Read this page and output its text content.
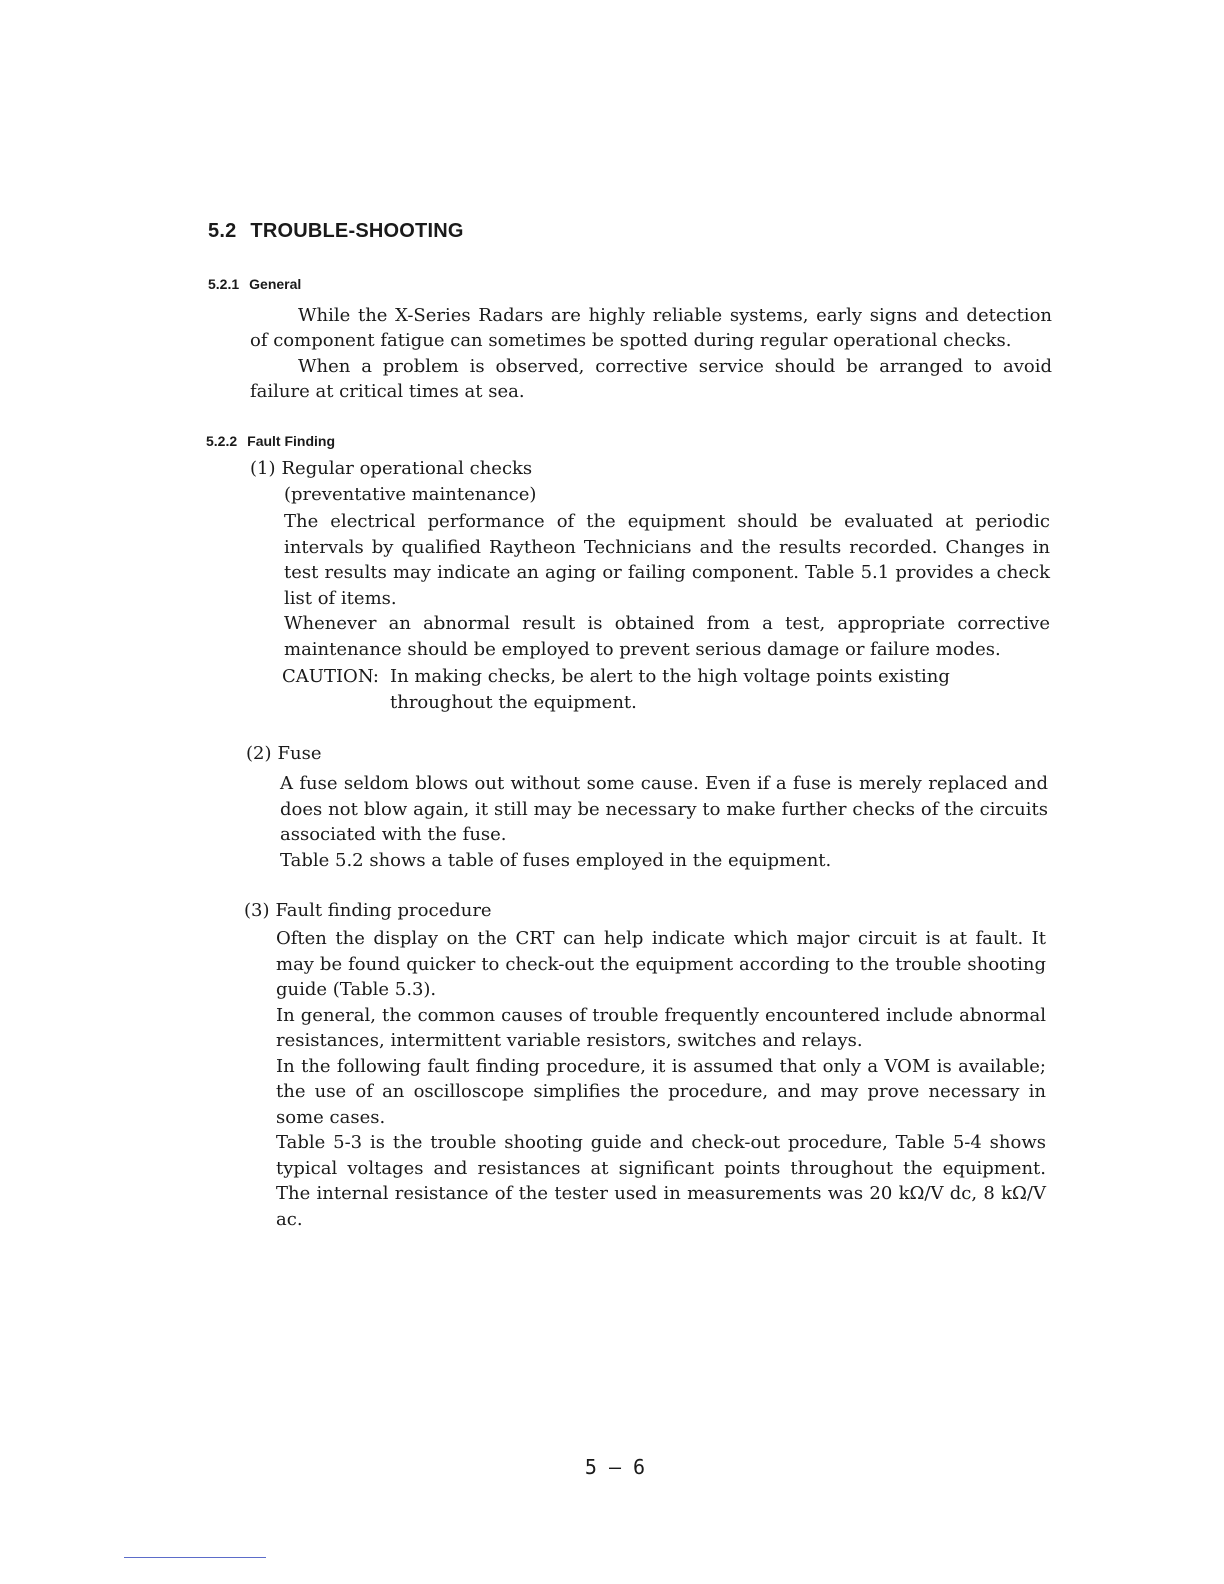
5.2 TROUBLE-SHOOTING
5.2.1 General

While the X-Series Radars are highly reliable systems, early signs and detection of component fatigue can sometimes be spotted during regular operational checks.

When a problem is observed, corrective service should be arranged to avoid failure at critical times at sea.

5.2.2 Fault Finding
(1) Regular operational checks
(preventative maintenance)

The electrical performance of the equipment should be evaluated at periodic intervals by qualified Raytheon Technicians and the results recorded. Changes in test results may indicate an aging or failing component. Table 5.1 provides a check list of items.

Whenever an abnormal result is obtained from a test, appropriate corrective maintenance should be employed to prevent serious damage or failure modes.

CAUTION: In making checks, be alert to the high voltage points existing throughout the equipment.
(2) Fuse

A fuse seldom blows out without some cause. Even if a fuse is merely replaced and does not blow again, it still may be necessary to make further checks of the circuits associated with the fuse.

Table 5.2 shows a table of fuses employed in the equipment.

(3) Fault finding procedure

Often the display on the CRT can help indicate which major circuit is at fault. It may be found quicker to check-out the equipment according to the trouble shooting guide (Table 5.3).

In general, the common causes of trouble frequently encountered include abnormal resistances, intermittent variable resistors, switches and relays.

In the following fault finding procedure, it is assumed that only a VOM is available; the use of an oscilloscope simplifies the procedure, and may prove necessary in some cases.

Table 5-3 is the trouble shooting guide and check-out procedure, Table 5-4 shows typical voltages and resistances at significant points throughout the equipment. The internal resistance of the tester used in measurements was 20 kΩ/V dc, 8 kΩ/V ac.

5 – 6
